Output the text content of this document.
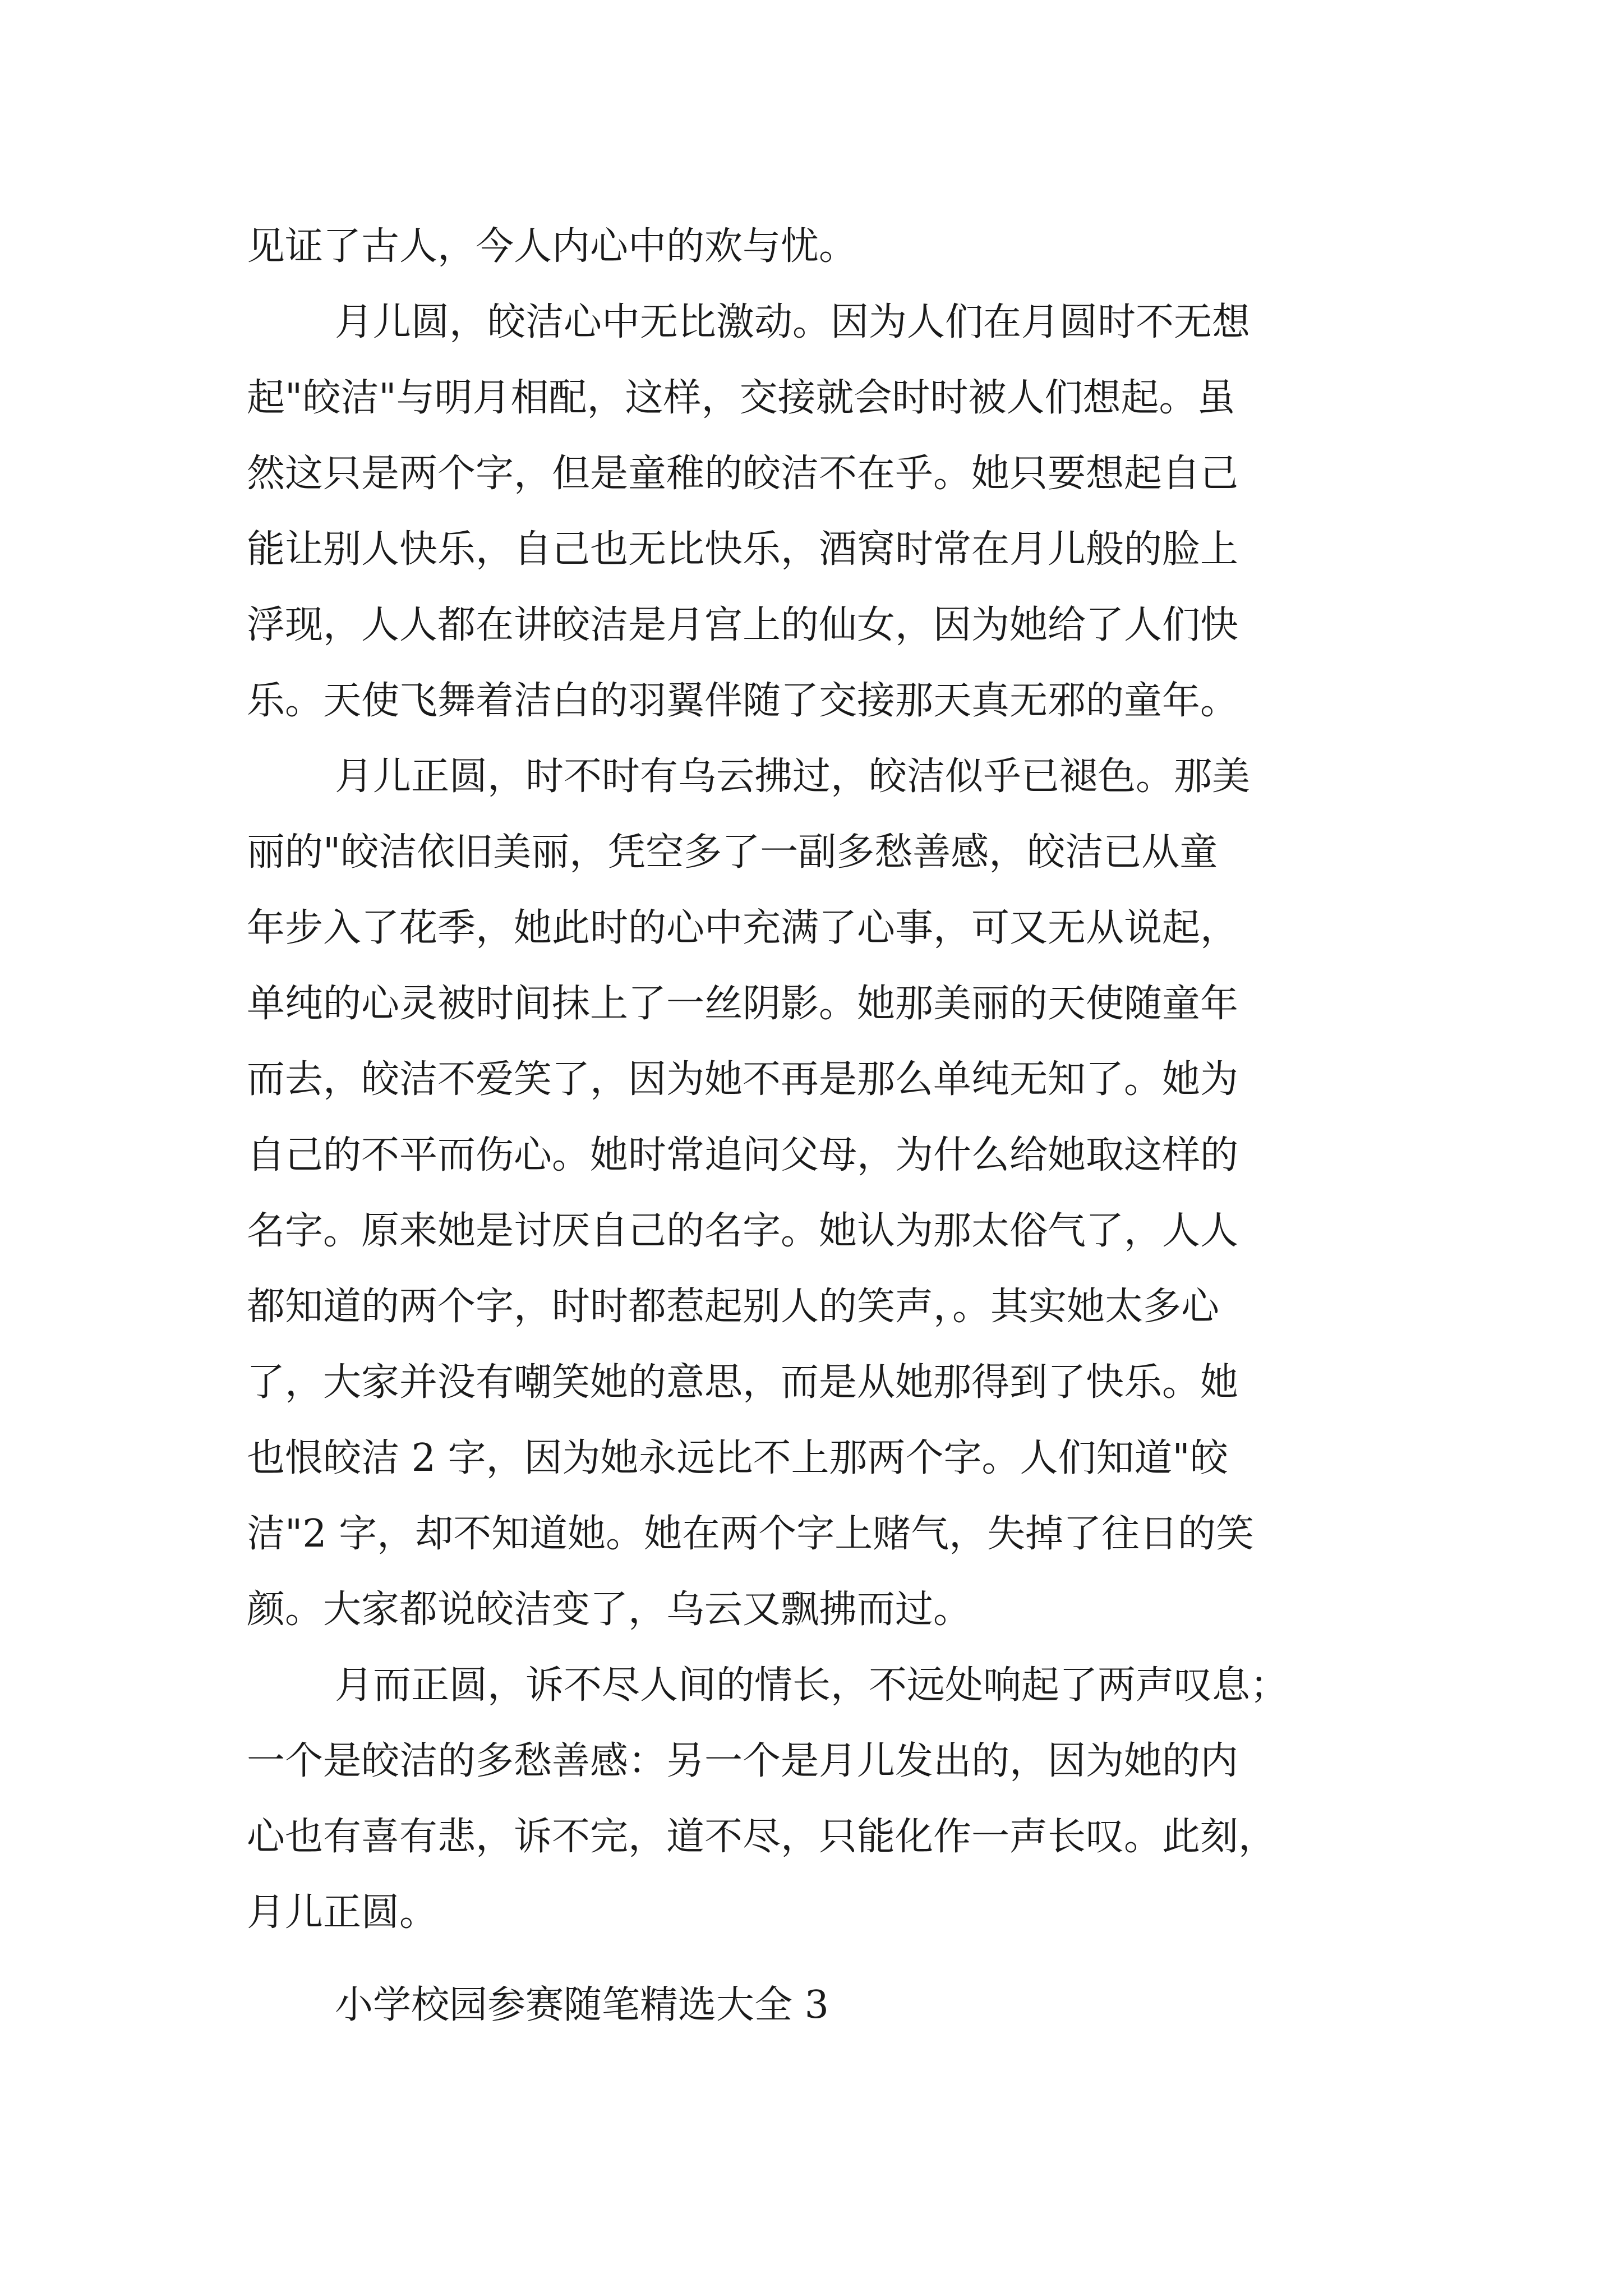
见证了古人，今人内心中的欢与忧。
月儿圆，皎洁心中无比激动。因为人们在月圆时不无想
起"皎洁"与明月相配，这样，交接就会时时被人们想起。虽
然这只是两个字，但是童稚的皎洁不在乎。她只要想起自己
能让别人快乐，自己也无比快乐，酒窝时常在月儿般的脸上
浮现，人人都在讲皎洁是月宫上的仙女，因为她给了人们快
乐。天使飞舞着洁白的羽翼伴随了交接那天真无邪的童年。
月儿正圆，时不时有乌云拂过，皎洁似乎已褪色。那美
丽的"皎洁依旧美丽，凭空多了一副多愁善感，皎洁已从童
年步入了花季，她此时的心中充满了心事，可又无从说起，
单纯的心灵被时间抹上了一丝阴影。她那美丽的天使随童年
而去，皎洁不爱笑了，因为她不再是那么单纯无知了。她为
自己的不平而伤心。她时常追问父母，为什么给她取这样的
名字。原来她是讨厌自己的名字。她认为那太俗气了，人人
都知道的两个字，时时都惹起别人的笑声，。其实她太多心
了，大家并没有嘲笑她的意思，而是从她那得到了快乐。她
也恨皎洁 2 字，因为她永远比不上那两个字。人们知道"皎
洁"2 字，却不知道她。她在两个字上赌气，失掉了往日的笑
颜。大家都说皎洁变了，乌云又飘拂而过。
月而正圆，诉不尽人间的情长，不远处响起了两声叹息；
一个是皎洁的多愁善感：另一个是月儿发出的，因为她的内
心也有喜有悲，诉不完，道不尽，只能化作一声长叹。此刻，
月儿正圆。
小学校园参赛随笔精选大全 3
